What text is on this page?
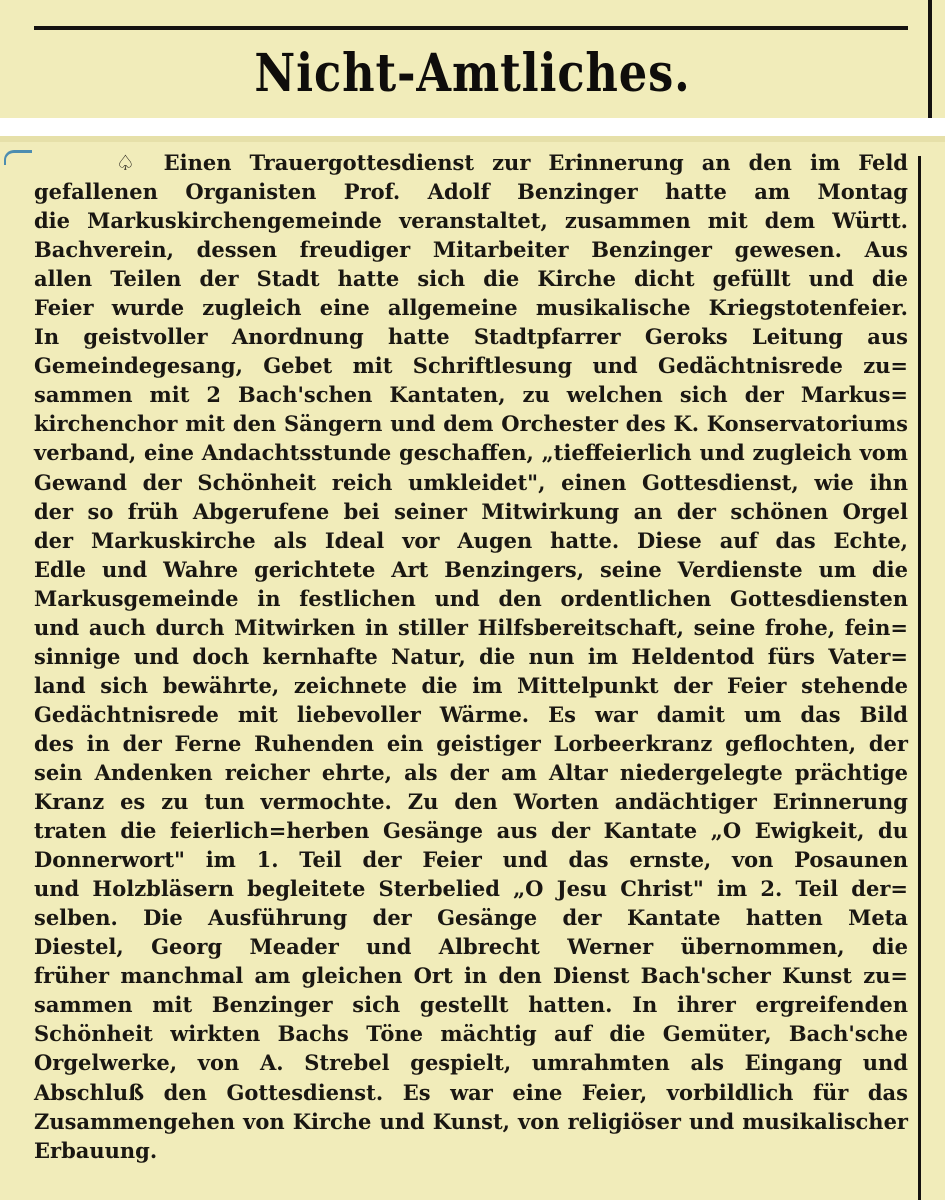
Nicht-Amtliches.
♤ Einen Trauergottesdienst zur Erinnerung an den im Feld
gefallenen Organisten Prof. Adolf Benzinger hatte am Montag
die Markuskirchengemeinde veranstaltet, zusammen mit dem Württ.
Bachverein, dessen freudiger Mitarbeiter Benzinger gewesen. Aus
allen Teilen der Stadt hatte sich die Kirche dicht gefüllt und die
Feier wurde zugleich eine allgemeine musikalische Kriegstotenfeier.
In geistvoller Anordnung hatte Stadtpfarrer Geroks Leitung aus
Gemeindegesang, Gebet mit Schriftlesung und Gedächtnisrede zu=
sammen mit 2 Bach'schen Kantaten, zu welchen sich der Markus=
kirchenchor mit den Sängern und dem Orchester des K. Konservatoriums
verband, eine Andachtsstunde geschaffen, „tieffeierlich und zugleich vom
Gewand der Schönheit reich umkleidet", einen Gottesdienst, wie ihn
der so früh Abgerufene bei seiner Mitwirkung an der schönen Orgel
der Markuskirche als Ideal vor Augen hatte. Diese auf das Echte,
Edle und Wahre gerichtete Art Benzingers, seine Verdienste um die
Markusgemeinde in festlichen und den ordentlichen Gottesdiensten
und auch durch Mitwirken in stiller Hilfsbereitschaft, seine frohe, fein=
sinnige und doch kernhafte Natur, die nun im Heldentod fürs Vater=
land sich bewährte, zeichnete die im Mittelpunkt der Feier stehende
Gedächtnisrede mit liebevoller Wärme. Es war damit um das Bild
des in der Ferne Ruhenden ein geistiger Lorbeerkranz geflochten, der
sein Andenken reicher ehrte, als der am Altar niedergelegte prächtige
Kranz es zu tun vermochte. Zu den Worten andächtiger Erinnerung
traten die feierlich=herben Gesänge aus der Kantate „O Ewigkeit, du
Donnerwort" im 1. Teil der Feier und das ernste, von Posaunen
und Holzbläsern begleitete Sterbelied „O Jesu Christ" im 2. Teil der=
selben. Die Ausführung der Gesänge der Kantate hatten Meta
Diestel, Georg Meader und Albrecht Werner übernommen, die
früher manchmal am gleichen Ort in den Dienst Bach'scher Kunst zu=
sammen mit Benzinger sich gestellt hatten. In ihrer ergreifenden
Schönheit wirkten Bachs Töne mächtig auf die Gemüter, Bach'sche
Orgelwerke, von A. Strebel gespielt, umrahmten als Eingang und
Abschluß den Gottesdienst. Es war eine Feier, vorbildlich für das
Zusammengehen von Kirche und Kunst, von religiöser und musikalischer
Erbauung.
